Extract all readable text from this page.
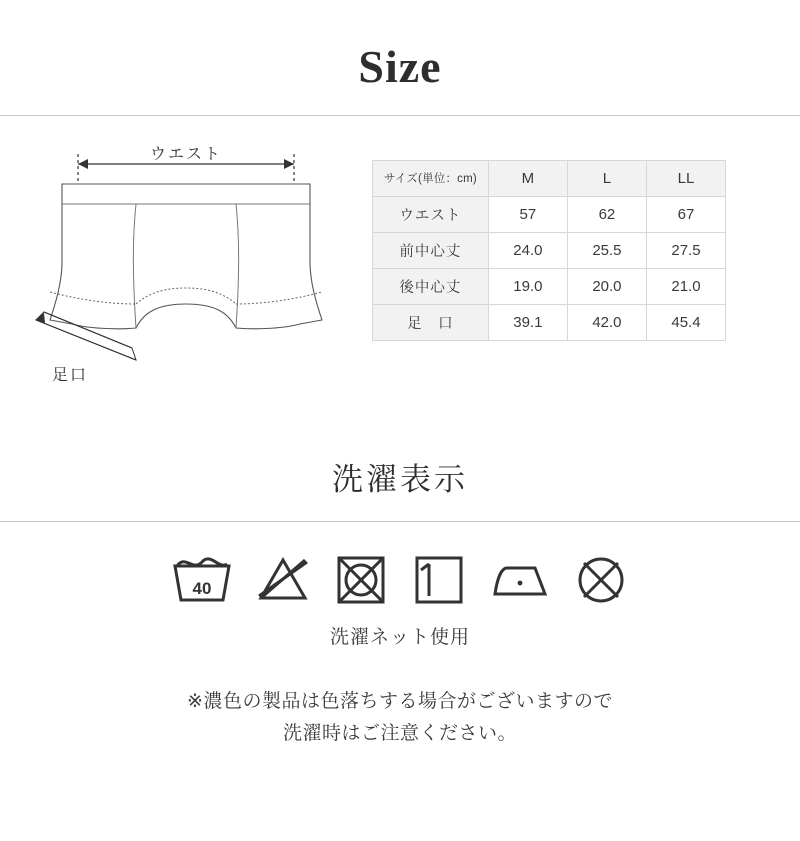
Size
ウエスト
足口
サイズ(単位：cm)	M	L	LL
ウエスト	57	62	67
前中心丈	24.0	25.5	27.5
後中心丈	19.0	20.0	21.0
足　口	39.1	42.0	45.4
洗濯表示
40
洗濯ネット使用
※濃色の製品は色落ちする場合がございますので
洗濯時はご注意ください。
